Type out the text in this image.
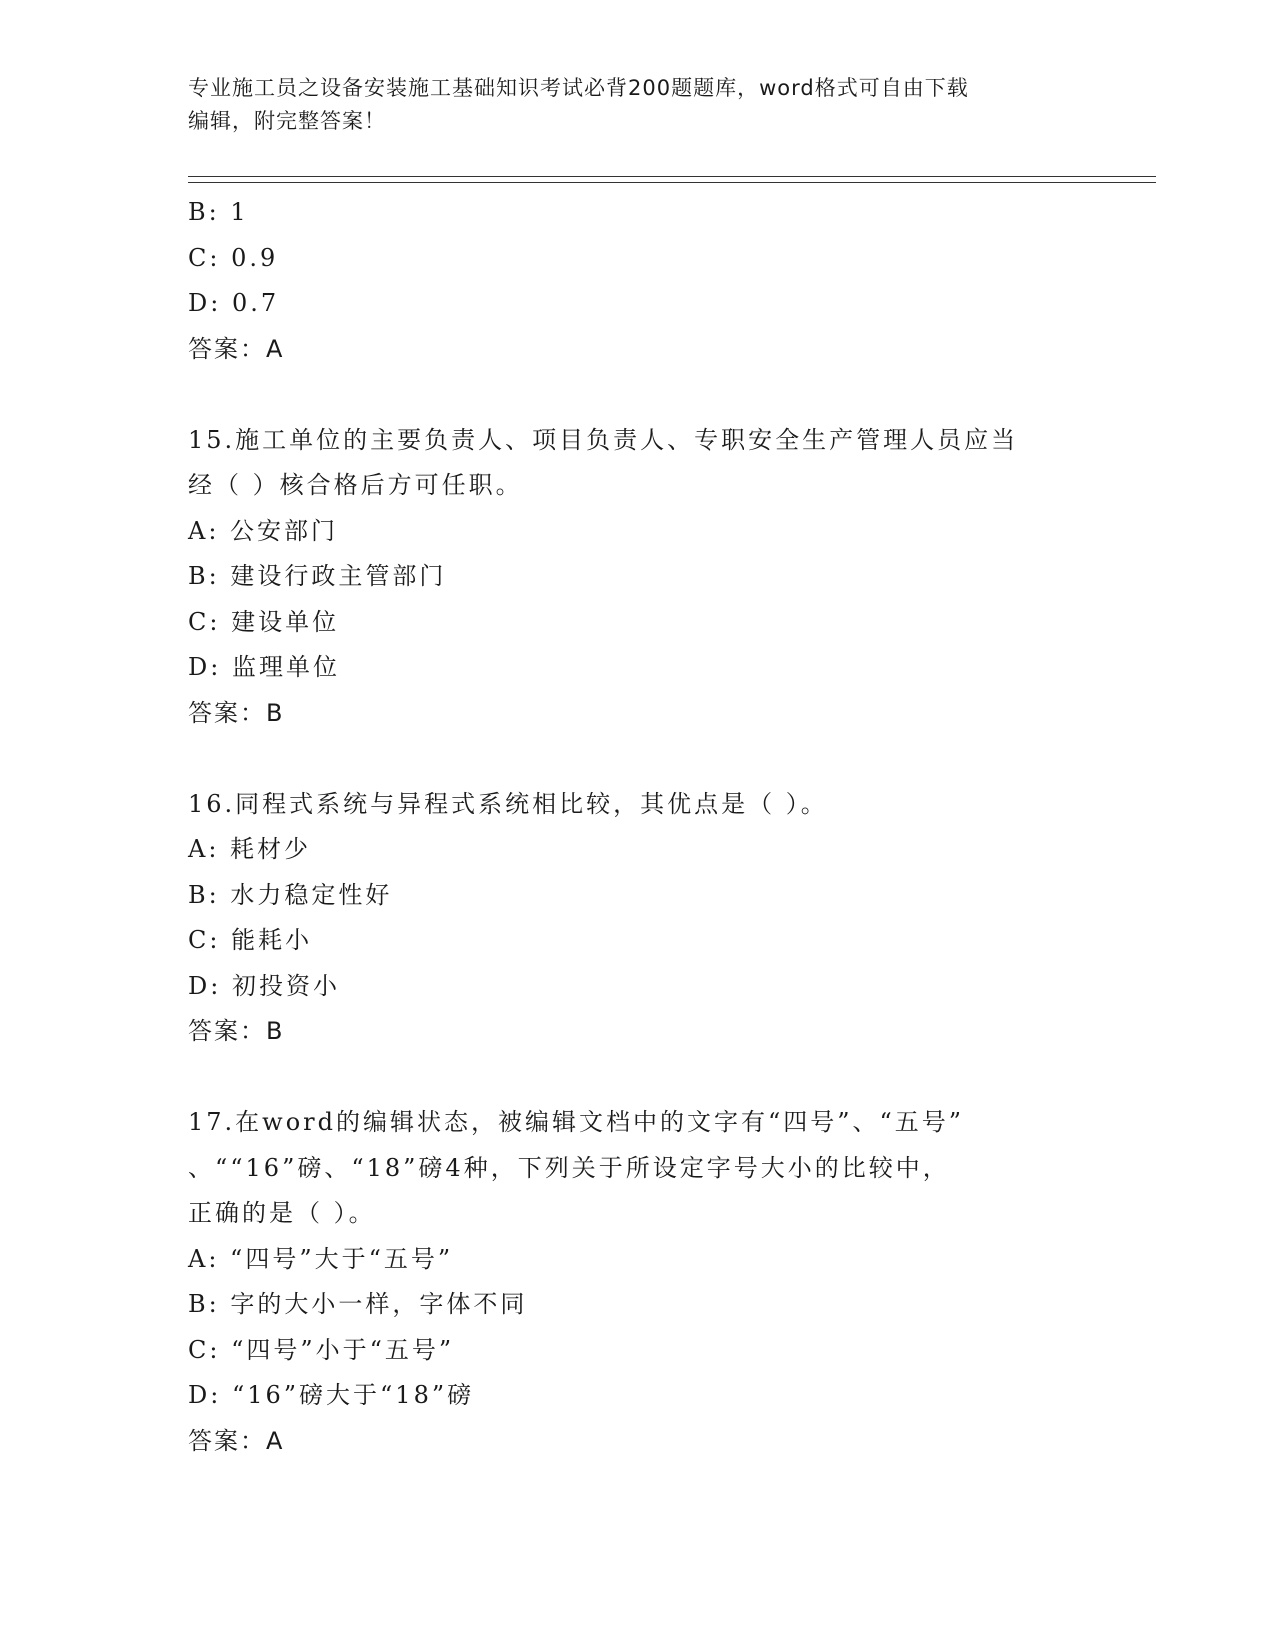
专业施工员之设备安装施工基础知识考试必背200题题库，word格式可自由下载
编辑，附完整答案！
B: 1
C: 0.9
D: 0.7
答案：A
15.施工单位的主要负责人、项目负责人、专职安全生产管理人员应当
经（ ）核合格后方可任职。
A: 公安部门
B: 建设行政主管部门
C: 建设单位
D: 监理单位
答案：B
16.同程式系统与异程式系统相比较，其优点是（ ）。
A: 耗材少
B: 水力稳定性好
C: 能耗小
D: 初投资小
答案：B
17.在word的编辑状态，被编辑文档中的文字有“四号”、“五号”
、““16”磅、“18”磅4种，下列关于所设定字号大小的比较中，
正确的是（ ）。
A: “四号”大于“五号”
B: 字的大小一样，字体不同
C: “四号”小于“五号”
D: “16”磅大于“18”磅
答案：A
